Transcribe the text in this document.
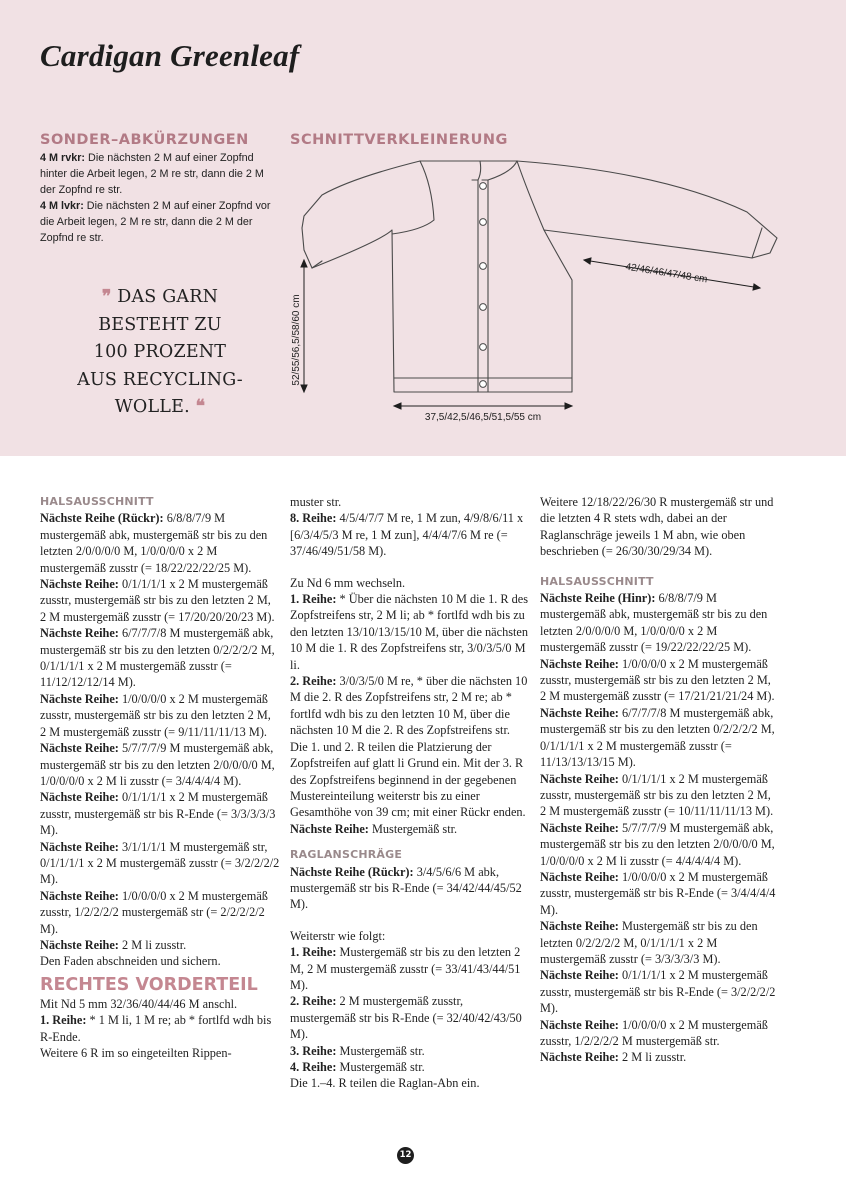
Cardigan Greenleaf
SONDER–ABKÜRZUNGEN

4 M rvkr: Die nächsten 2 M auf einer Zopfnd hinter die Arbeit legen, 2 M re str, dann die 2 M der Zopfnd re str.

4 M lvkr: Die nächsten 2 M auf einer Zopfnd vor die Arbeit legen, 2 M re str, dann die 2 M der Zopfnd re str.

❞ DAS GARN
BESTEHT ZU
100 PROZENT
AUS RECYCLING-
WOLLE. ❝
SCHNITTVERKLEINERUNG
52/55/56,5/58/60 cm
42/46/46/47/48 cm
37,5/42,5/46,5/51,5/55 cm
HALSAUSSCHNITT

Nächste Reihe (Rückr): 6/8/8/7/9 M mustergemäß abk, mustergemäß str bis zu den letzten 2/0/0/0/0 M, 1/0/0/0/0 x 2 M mustergemäß zusstr (= 18/22/22/22/25 M).

Nächste Reihe: 0/1/1/1/1 x 2 M mustergemäß zusstr, mustergemäß str bis zu den letzten 2 M, 2 M mustergemäß zusstr (= 17/20/20/20/23 M).

Nächste Reihe: 6/7/7/7/8 M mustergemäß abk, mustergemäß str bis zu den letzten 0/2/2/2/2 M, 0/1/1/1/1 x 2 M mustergemäß zusstr (= 11/12/12/12/14 M).

Nächste Reihe: 1/0/0/0/0 x 2 M mustergemäß zusstr, mustergemäß str bis zu den letzten 2 M, 2 M mustergemäß zusstr (= 9/11/11/11/13 M).

Nächste Reihe: 5/7/7/7/9 M mustergemäß abk, mustergemäß str bis zu den letzten 2/0/0/0/0 M, 1/0/0/0/0 x 2 M li zusstr (= 3/4/4/4/4 M).

Nächste Reihe: 0/1/1/1/1 x 2 M mustergemäß zusstr, mustergemäß str bis R-Ende (= 3/3/3/3/3 M).

Nächste Reihe: 3/1/1/1/1 M mustergemäß str, 0/1/1/1/1 x 2 M mustergemäß zusstr (= 3/2/2/2/2 M).

Nächste Reihe: 1/0/0/0/0 x 2 M mustergemäß zusstr, 1/2/2/2/2 mustergemäß str (= 2/2/2/2/2 M).

Nächste Reihe: 2 M li zusstr.

Den Faden abschneiden und sichern.

RECHTES VORDERTEIL

Mit Nd 5 mm 32/36/40/44/46 M anschl.

1. Reihe: * 1 M li, 1 M re; ab * fortlfd wdh bis R-Ende.

Weitere 6 R im so eingeteilten Rippen-

muster str.

8. Reihe: 4/5/4/7/7 M re, 1 M zun, 4/9/8/6/11 x [6/3/4/5/3 M re, 1 M zun], 4/4/4/7/6 M re (= 37/46/49/51/58 M).

Zu Nd 6 mm wechseln.

1. Reihe: * Über die nächsten 10 M die 1. R des Zopfstreifens str, 2 M li; ab * fortlfd wdh bis zu den letzten 13/10/13/15/10 M, über die nächsten 10 M die 1. R des Zopfstreifens str, 3/0/3/5/0 M li.

2. Reihe: 3/0/3/5/0 M re, * über die nächsten 10 M die 2. R des Zopfstreifens str, 2 M re; ab * fortlfd wdh bis zu den letzten 10 M, über die nächsten 10 M die 2. R des Zopfstreifens str.

Die 1. und 2. R teilen die Platzierung der Zopfstreifen auf glatt li Grund ein. Mit der 3. R des Zopfstreifens beginnend in der gegebenen Mustereinteilung weiterstr bis zu einer Gesamthöhe von 39 cm; mit einer Rückr enden.

Nächste Reihe: Mustergemäß str.

RAGLANSCHRÄGE

Nächste Reihe (Rückr): 3/4/5/6/6 M abk, mustergemäß str bis R-Ende (= 34/42/44/45/52 M).

Weiterstr wie folgt:

1. Reihe: Mustergemäß str bis zu den letzten 2 M, 2 M mustergemäß zusstr (= 33/41/43/44/51 M).

2. Reihe: 2 M mustergemäß zusstr, mustergemäß str bis R-Ende (= 32/40/42/43/50 M).

3. Reihe: Mustergemäß str.

4. Reihe: Mustergemäß str.

Die 1.–4. R teilen die Raglan-Abn ein.

Weitere 12/18/22/26/30 R mustergemäß str und die letzten 4 R stets wdh, dabei an der Raglanschräge jeweils 1 M abn, wie oben beschrieben (= 26/30/30/29/34 M).

HALSAUSSCHNITT

Nächste Reihe (Hinr): 6/8/8/7/9 M mustergemäß abk, mustergemäß str bis zu den letzten 2/0/0/0/0 M, 1/0/0/0/0 x 2 M mustergemäß zusstr (= 19/22/22/22/25 M).

Nächste Reihe: 1/0/0/0/0 x 2 M mustergemäß zusstr, mustergemäß str bis zu den letzten 2 M, 2 M mustergemäß zusstr (= 17/21/21/21/24 M).

Nächste Reihe: 6/7/7/7/8 M mustergemäß abk, mustergemäß str bis zu den letzten 0/2/2/2/2 M, 0/1/1/1/1 x 2 M mustergemäß zusstr (= 11/13/13/13/15 M).

Nächste Reihe: 0/1/1/1/1 x 2 M mustergemäß zusstr, mustergemäß str bis zu den letzten 2 M, 2 M mustergemäß zusstr (= 10/11/11/11/13 M).

Nächste Reihe: 5/7/7/7/9 M mustergemäß abk, mustergemäß str bis zu den letzten 2/0/0/0/0 M, 1/0/0/0/0 x 2 M li zusstr (= 4/4/4/4/4 M).

Nächste Reihe: 1/0/0/0/0 x 2 M mustergemäß zusstr, mustergemäß str bis R-Ende (= 3/4/4/4/4 M).

Nächste Reihe: Mustergemäß str bis zu den letzten 0/2/2/2/2 M, 0/1/1/1/1 x 2 M mustergemäß zusstr (= 3/3/3/3/3 M).

Nächste Reihe: 0/1/1/1/1 x 2 M mustergemäß zusstr, mustergemäß str bis R-Ende (= 3/2/2/2/2 M).

Nächste Reihe: 1/0/0/0/0 x 2 M mustergemäß zusstr, 1/2/2/2/2 M mustergemäß str.

Nächste Reihe: 2 M li zusstr.

12
